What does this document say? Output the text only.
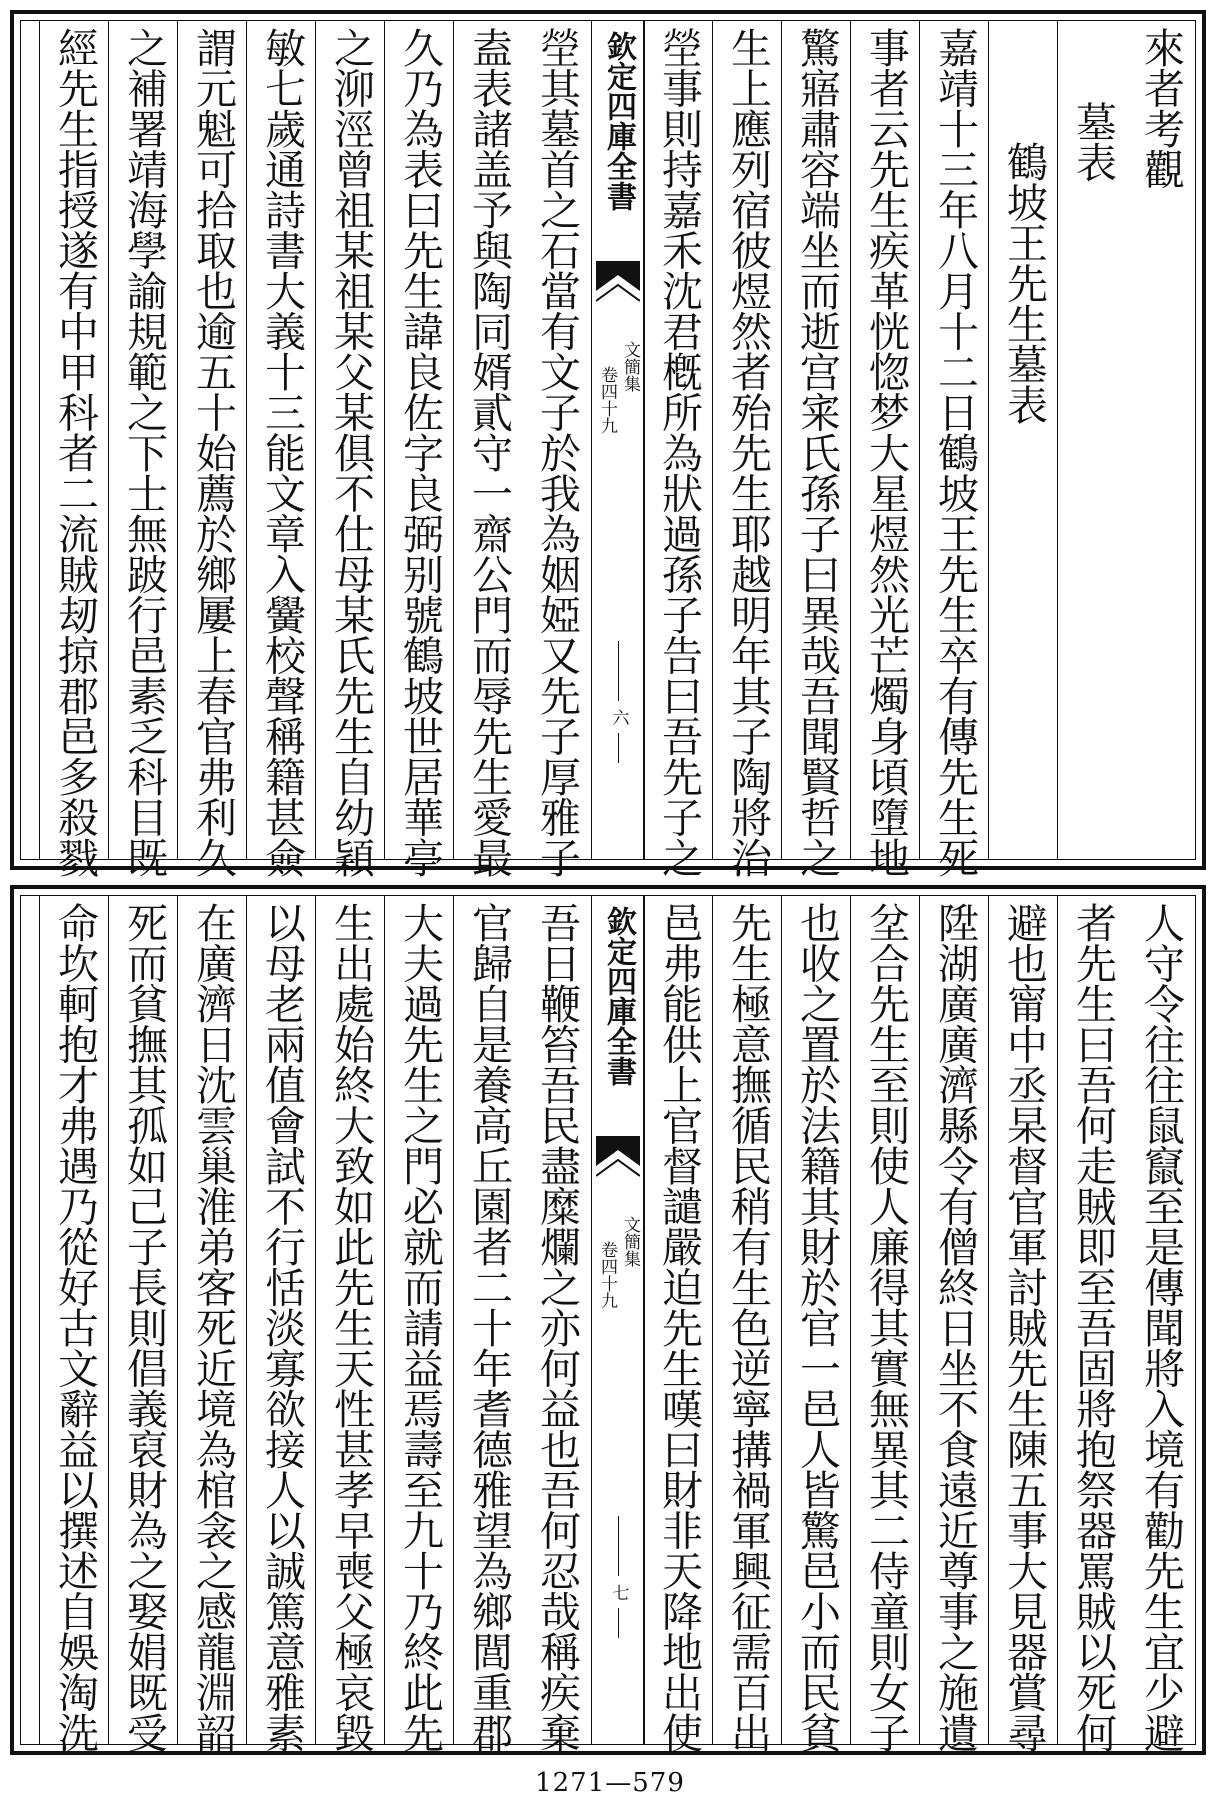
來者考觀
墓表
鶴坡王先生墓表
嘉靖十三年八月十二日鶴坡王先生卒有傳先生死
事者云先生疾革恍惚梦大星煜然光芒燭身頃墮地
驚寤肅容端坐而逝宫宷氏孫子曰異哉吾聞賢哲之
生上應列宿彼煜然者殆先生耶越明年其子陶將治
塋事則持嘉禾沈君槪所為狀過孫子告曰吾先子之
欽定四庫全書
文簡集
卷四十九
六
塋其墓首之石當有文子於我為姻婭又先子厚雅子
盍表諸盖予與陶同婿貳守一齋公門而辱先生愛最
久乃為表曰先生諱良佐字良弼别號鶴坡世居華亭
之泖涇曾祖某祖某父某俱不仕母某氏先生自幼穎
敏七歲通詩書大義十三能文章入黌校聲稱籍甚僉
謂元魁可拾取也逾五十始薦於鄉屢上春官弗利久
之補署靖海學諭規範之下士無跛行邑素乏科目既
經先生指授遂有中甲科者二流賊刼掠郡邑多殺戮
人守令往往鼠竄至是傳聞將入境有勸先生宜少避
者先生曰吾何走賊即至吾固將抱祭器罵賊以死何
避也甯中丞杲督官軍討賊先生陳五事大見器賞尋
陞湖廣廣濟縣令有僧終日坐不食遠近尊事之施遺
坌合先生至則使人廉得其實無異其二侍童則女子
也收之置於法籍其財於官一邑人皆驚邑小而民貧
先生極意撫循民稍有生色逆寧搆禍軍興征需百出
邑弗能供上官督譴嚴迫先生嘆曰財非天降地出使
欽定四庫全書
文簡集
卷四十九
七
吾日鞭笞吾民盡糜爛之亦何益也吾何忍哉稱疾棄
官歸自是養高丘園者二十年耆德雅望為鄉閭重郡
大夫過先生之門必就而請益焉壽至九十乃終此先
生出處始終大致如此先生天性甚孝早喪父極哀毀
以母老兩值會試不行恬淡寡欲接人以誠篤意雅素
在廣濟日沈雲巢淮弟客死近境為棺衾之感龍淵韶
死而貧撫其孤如己子長則倡義裒財為之娶娟既受
命坎軻抱才弗遇乃從好古文辭益以撰述自娛淘洗
1271—579
